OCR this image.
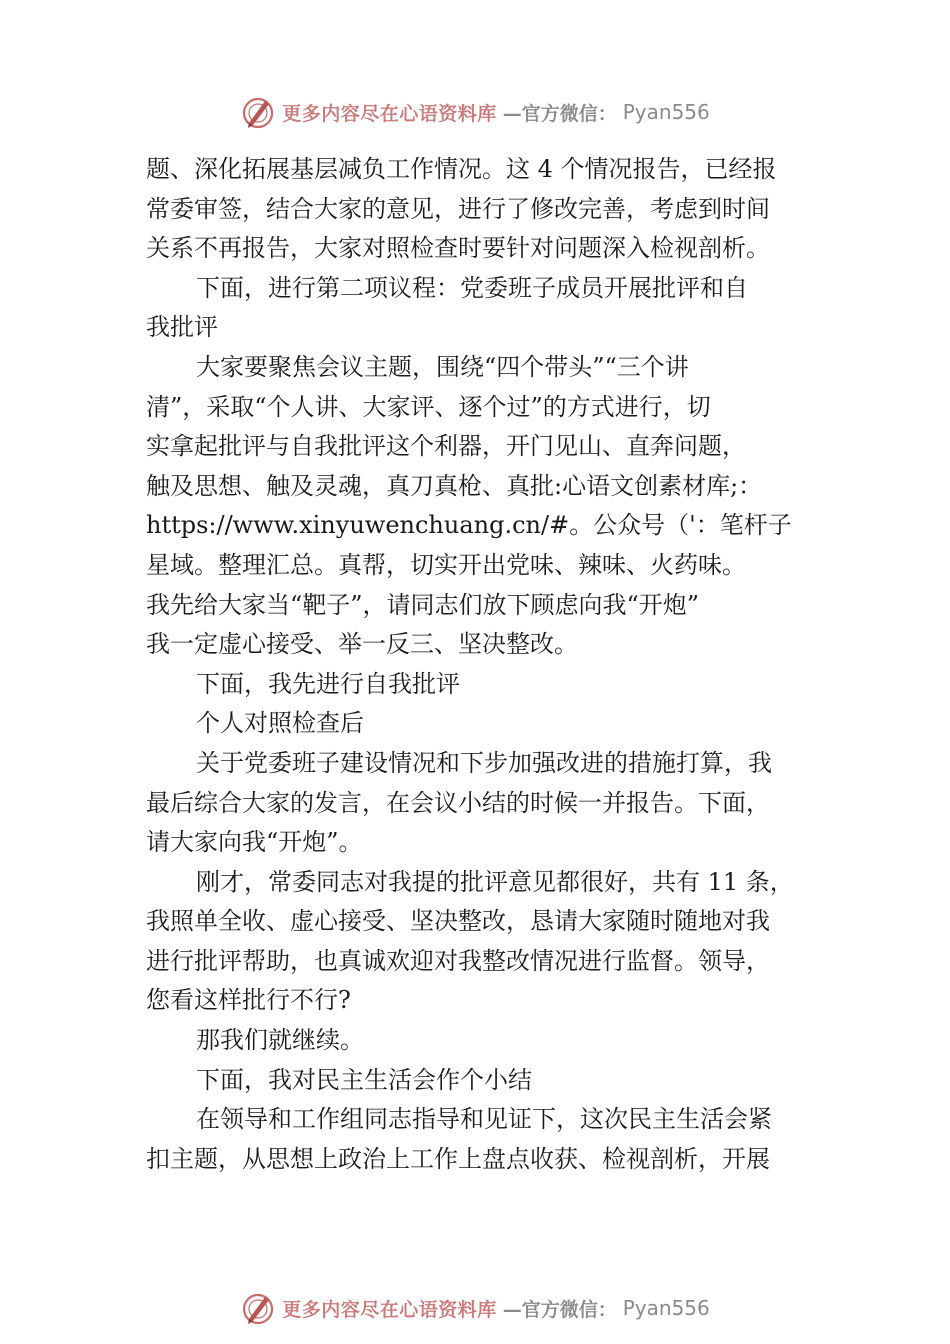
更多内容尽在心语资料库 —官方微信： Pyan556

题、深化拓展基层减负工作情况。这 4 个情况报告，已经报

常委审签，结合大家的意见，进行了修改完善，考虑到时间

关系不再报告，大家对照检查时要针对问题深入检视剖析。

下面，进行第二项议程：党委班子成员开展批评和自

我批评

大家要聚焦会议主题，围绕“四个带头”“三个讲

清”，采取“个人讲、大家评、逐个过”的方式进行，切

实拿起批评与自我批评这个利器，开门见山、直奔问题，

触及思想、触及灵魂，真刀真枪、真批:心语文创素材库;：

https://www.xinyuwenchuang.cn/#。公众号（'：笔杆子

星域。整理汇总。真帮，切实开出党味、辣味、火药味。

我先给大家当“靶子”，请同志们放下顾虑向我“开炮”

我一定虚心接受、举一反三、坚决整改。

下面，我先进行自我批评

个人对照检查后

关于党委班子建设情况和下步加强改进的措施打算，我

最后综合大家的发言，在会议小结的时候一并报告。下面，

请大家向我“开炮”。

刚才，常委同志对我提的批评意见都很好，共有 11 条，

我照单全收、虚心接受、坚决整改，恳请大家随时随地对我

进行批评帮助，也真诚欢迎对我整改情况进行监督。领导，

您看这样批行不行?

那我们就继续。

下面，我对民主生活会作个小结

在领导和工作组同志指导和见证下，这次民主生活会紧

扣主题，从思想上政治上工作上盘点收获、检视剖析，开展

更多内容尽在心语资料库 —官方微信： Pyan556
